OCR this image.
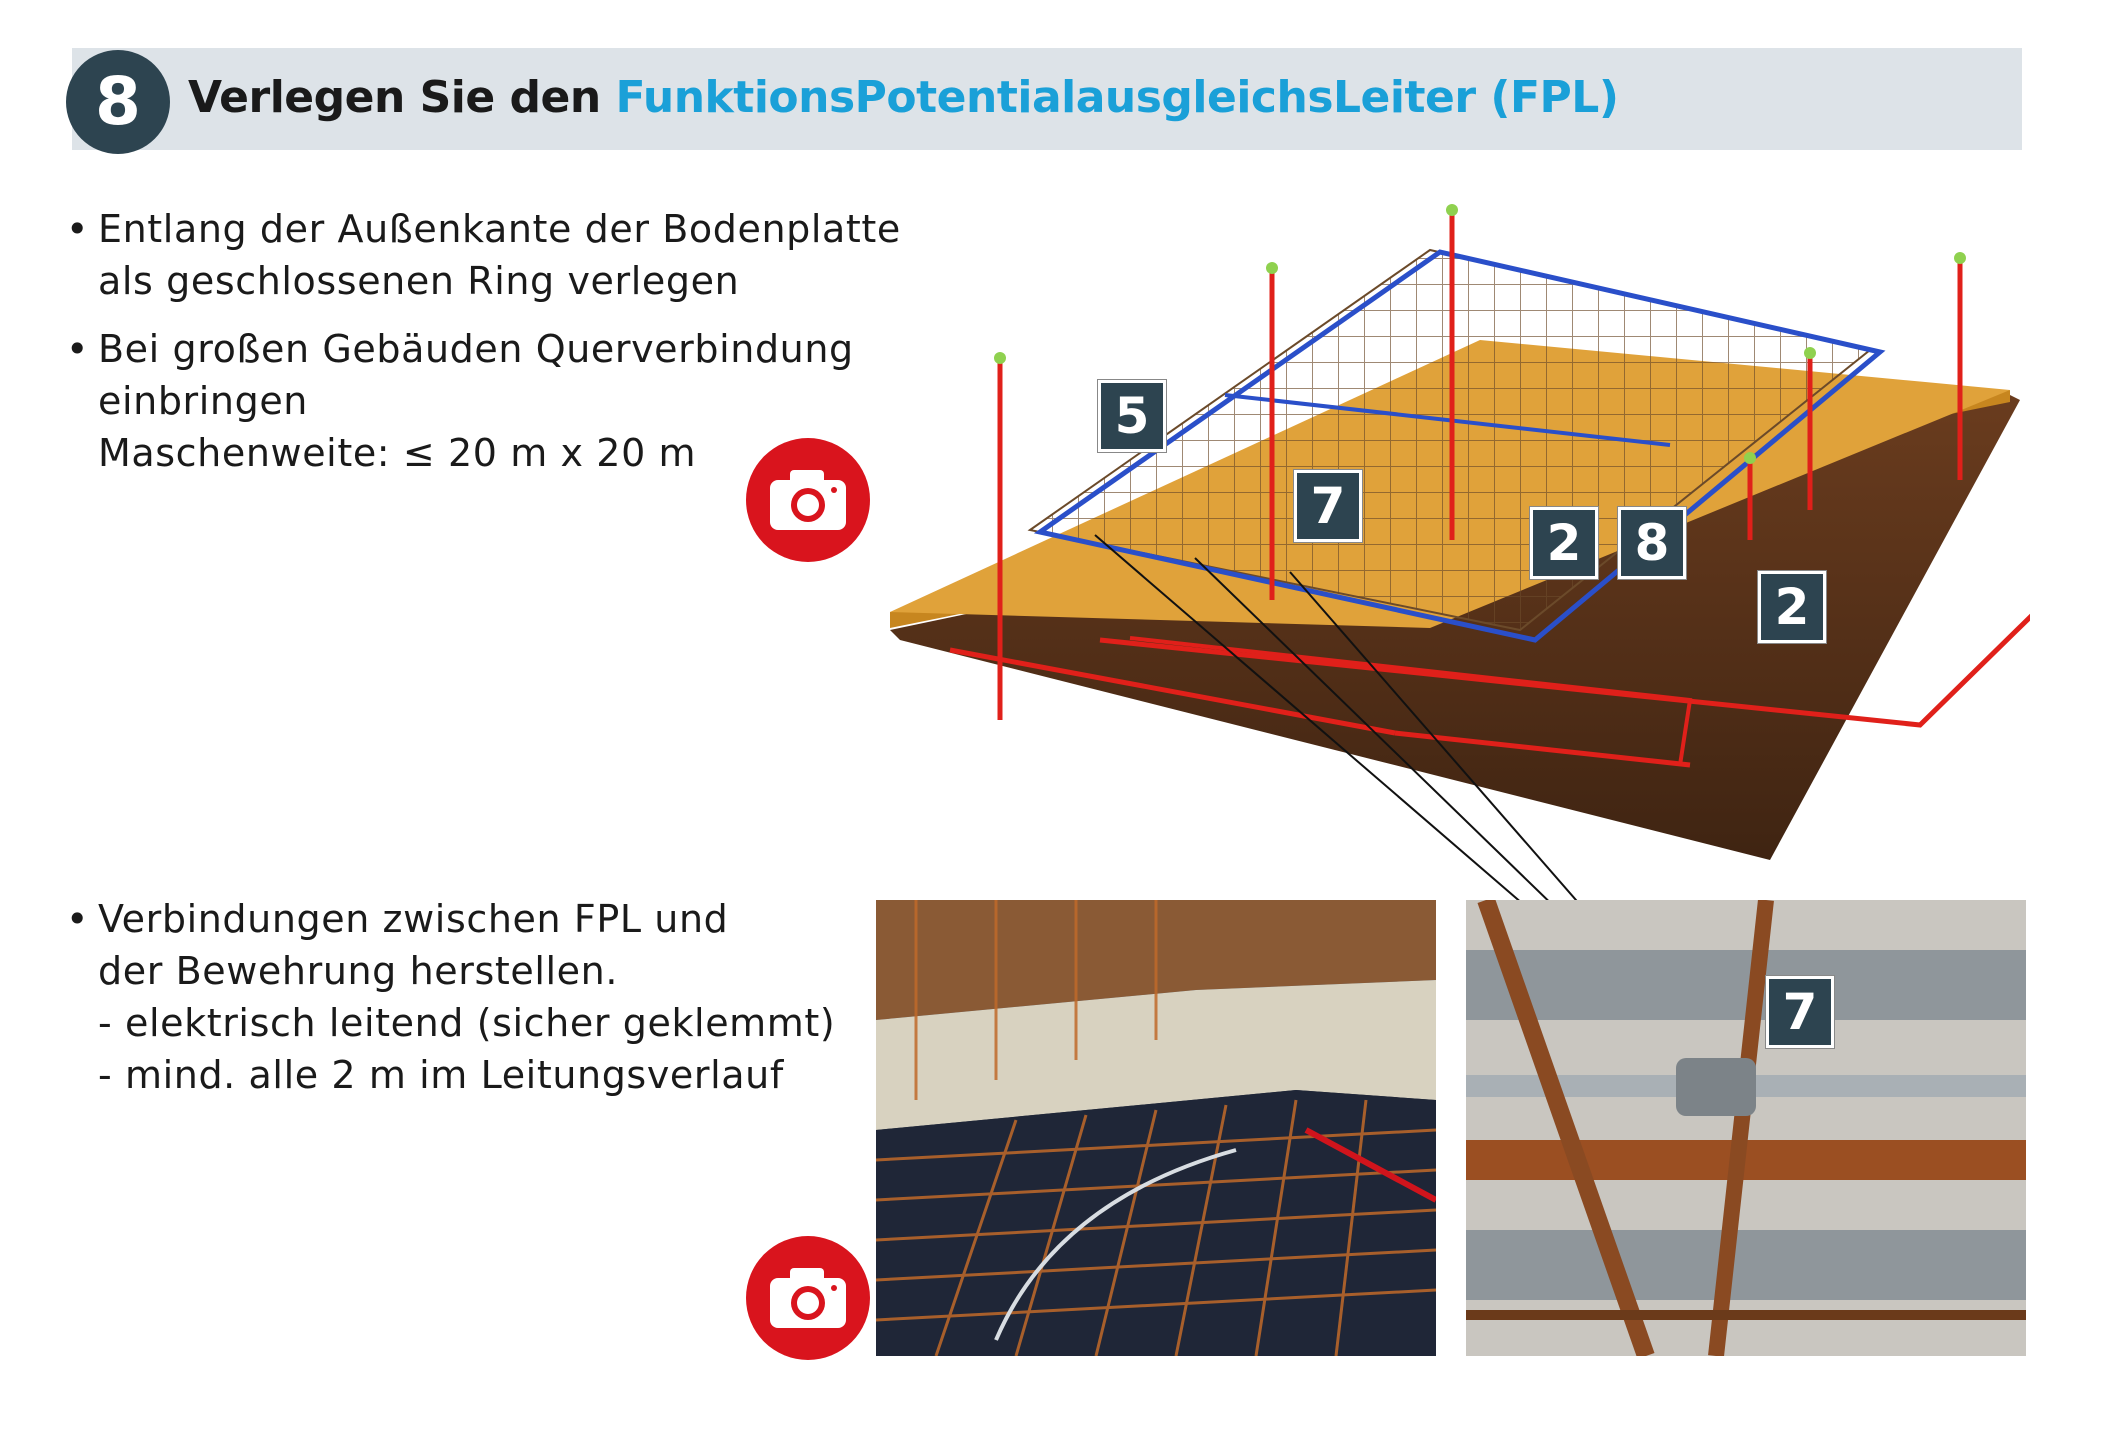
8	Verlegen Sie den FunktionsPotentialausgleichsLeiter (FPL)
• Entlang der Außenkante der Bodenplatte
als geschlossenen Ring verlegen
• Bei großen Gebäuden Querverbindung
einbringen
Maschenweite: ≤ 20 m x 20 m
• Verbindungen zwischen FPL und
der Bewehrung herstellen.
- elektrisch leitend (sicher geklemmt)
- mind. alle 2 m im Leitungsverlauf
5
7
2	8
2
7
